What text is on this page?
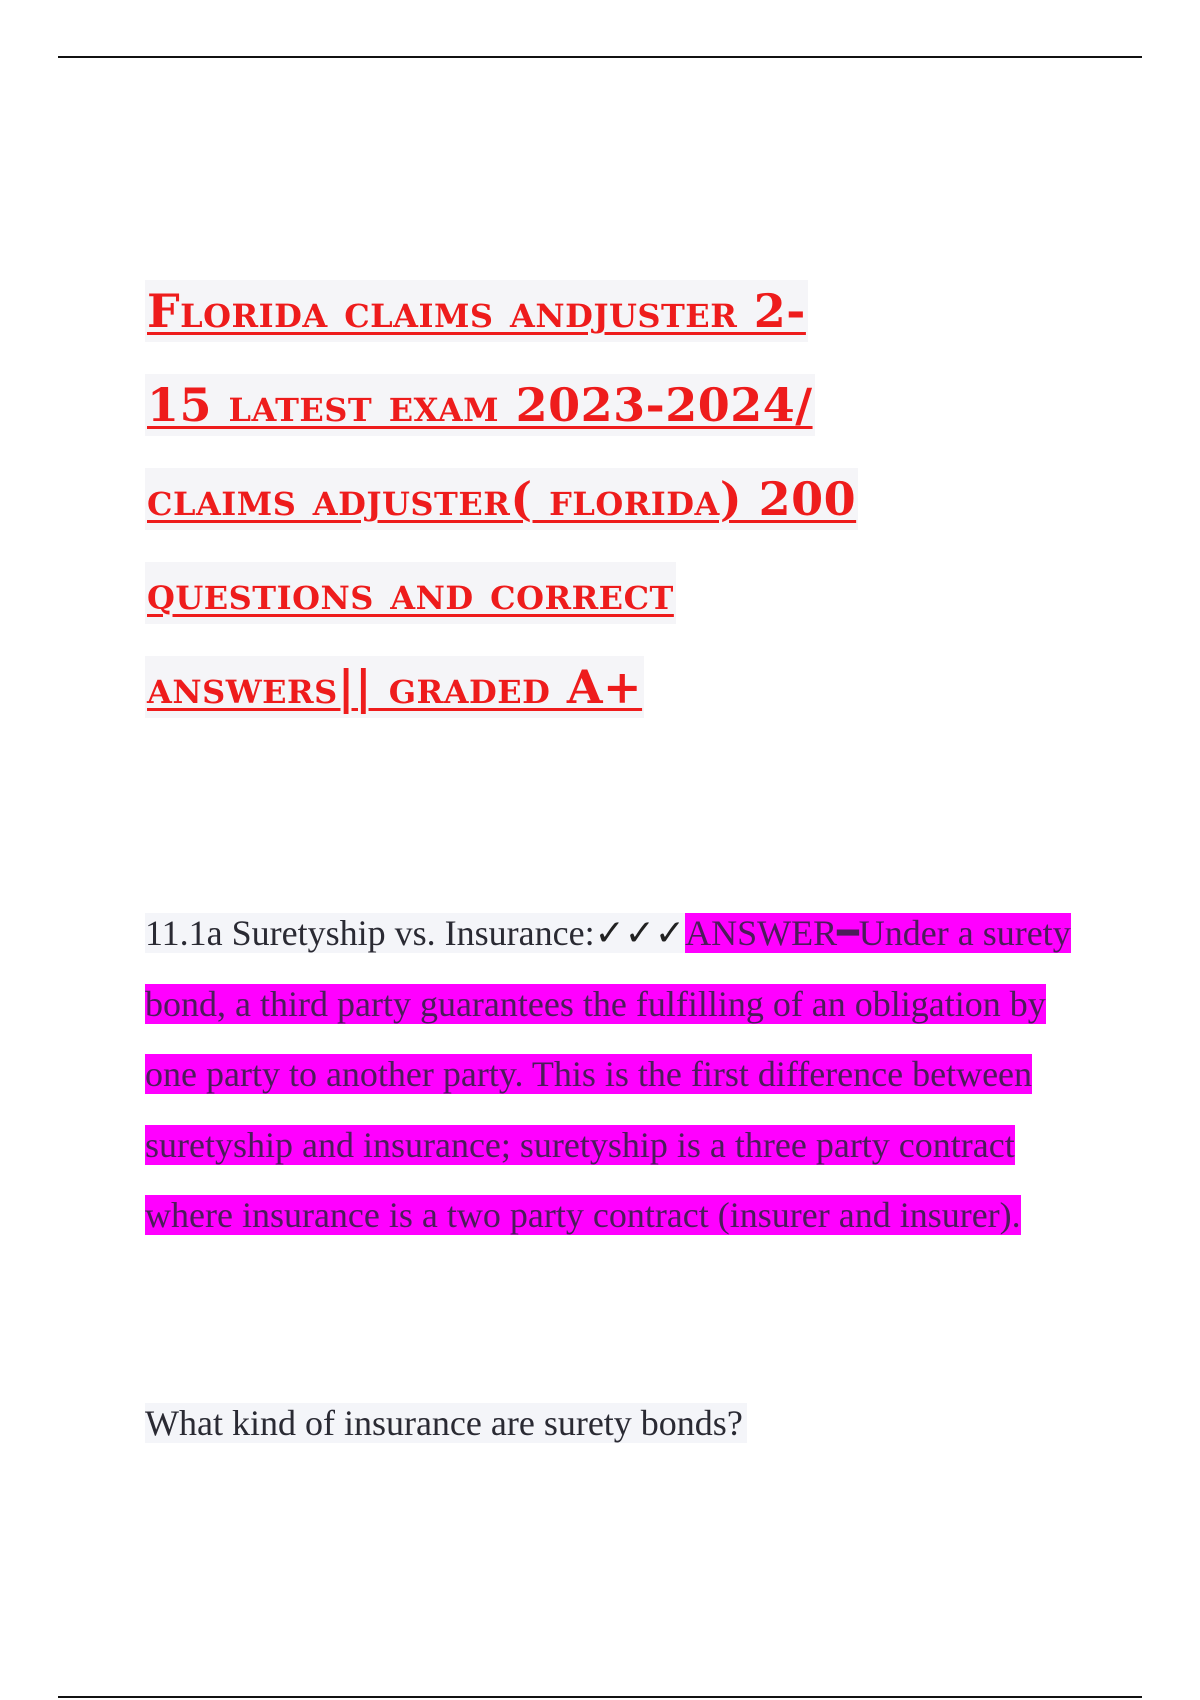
Florida claims andjuster 2-
15 latest exam 2023-2024/
claims adjuster( florida) 200
questions and correct
answers|| graded A+
11.1a Suretyship vs. Insurance:✓✓✓ANSWER━Under a surety bond, a third party guarantees the fulfilling of an obligation by one party to another party. This is the first difference between suretyship and insurance; suretyship is a three party contract where insurance is a two party contract (insurer and insurer).
What kind of insurance are surety bonds?
